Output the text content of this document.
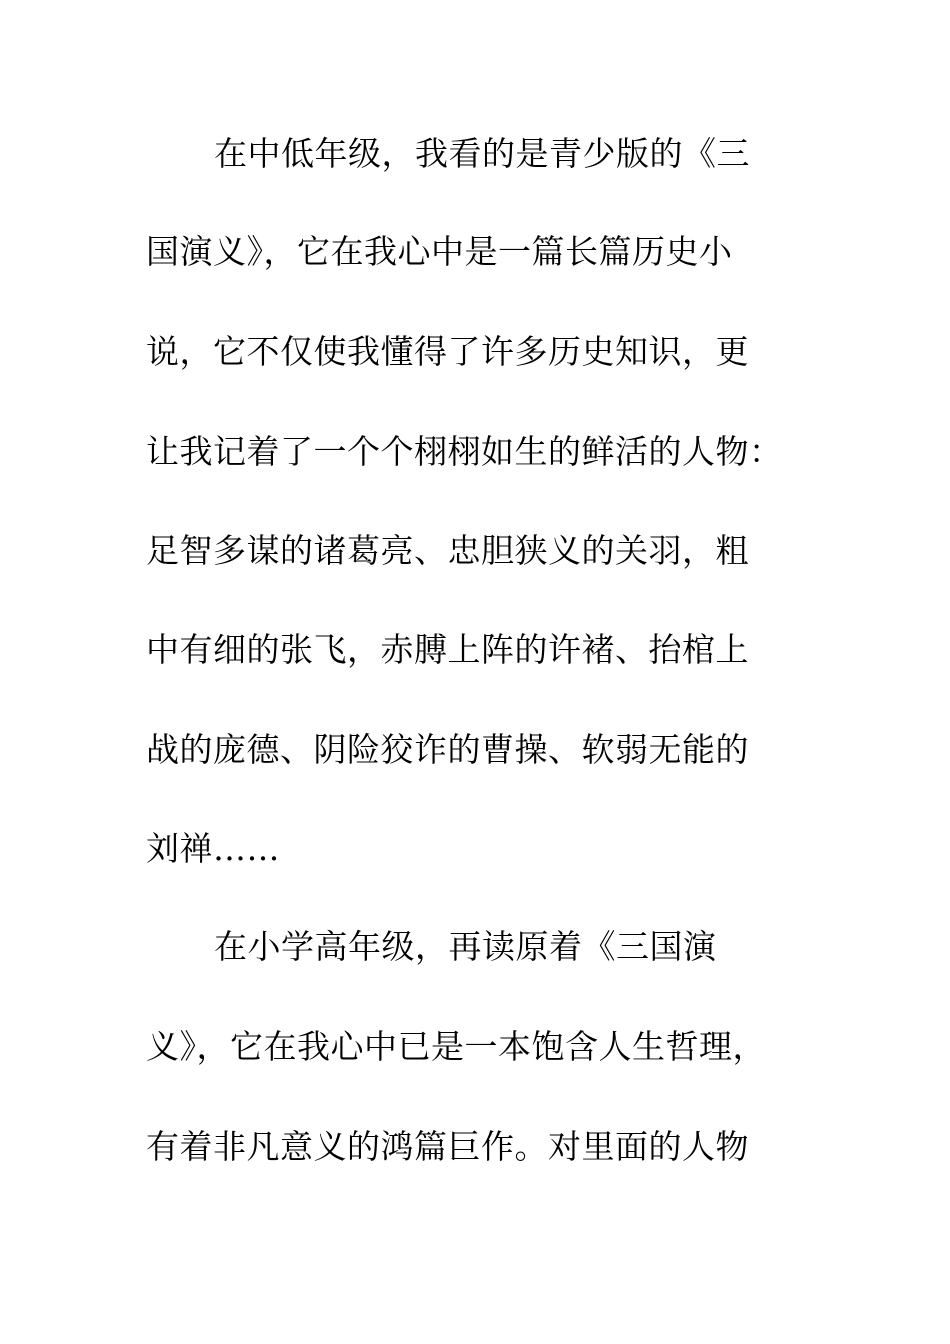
在中低年级，我看的是青少版的《三
国演义》，它在我心中是一篇长篇历史小
说，它不仅使我懂得了许多历史知识，更
让我记着了一个个栩栩如生的鲜活的人物：
足智多谋的诸葛亮、忠胆狭义的关羽，粗
中有细的张飞，赤膊上阵的许褚、抬棺上
战的庞德、阴险狡诈的曹操、软弱无能的
刘禅……
在小学高年级，再读原着《三国演
义》，它在我心中已是一本饱含人生哲理，
有着非凡意义的鸿篇巨作。对里面的人物
